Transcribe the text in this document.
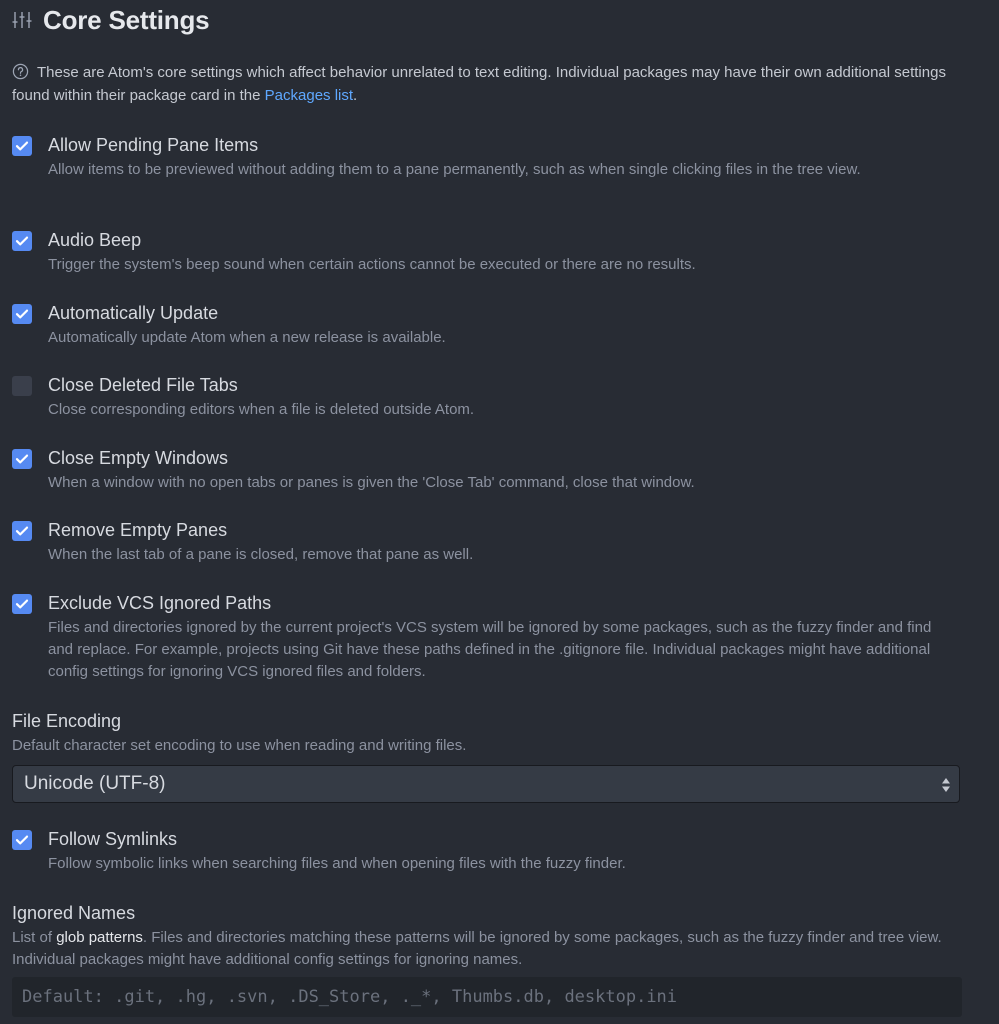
Core Settings
These are Atom's core settings which affect behavior unrelated to text editing. Individual packages may have their own additional settings found within their package card in the Packages list.
Allow Pending Pane Items
Allow items to be previewed without adding them to a pane permanently, such as when single clicking files in the tree view.
Audio Beep
Trigger the system's beep sound when certain actions cannot be executed or there are no results.
Automatically Update
Automatically update Atom when a new release is available.
Close Deleted File Tabs
Close corresponding editors when a file is deleted outside Atom.
Close Empty Windows
When a window with no open tabs or panes is given the 'Close Tab' command, close that window.
Remove Empty Panes
When the last tab of a pane is closed, remove that pane as well.
Exclude VCS Ignored Paths
Files and directories ignored by the current project's VCS system will be ignored by some packages, such as the fuzzy finder and find and replace. For example, projects using Git have these paths defined in the .gitignore file. Individual packages might have additional config settings for ignoring VCS ignored files and folders.
File Encoding
Default character set encoding to use when reading and writing files.
Unicode (UTF-8)
Follow Symlinks
Follow symbolic links when searching files and when opening files with the fuzzy finder.
Ignored Names
List of glob patterns. Files and directories matching these patterns will be ignored by some packages, such as the fuzzy finder and tree view. Individual packages might have additional config settings for ignoring names.
Default: .git, .hg, .svn, .DS_Store, ._*, Thumbs.db, desktop.ini
